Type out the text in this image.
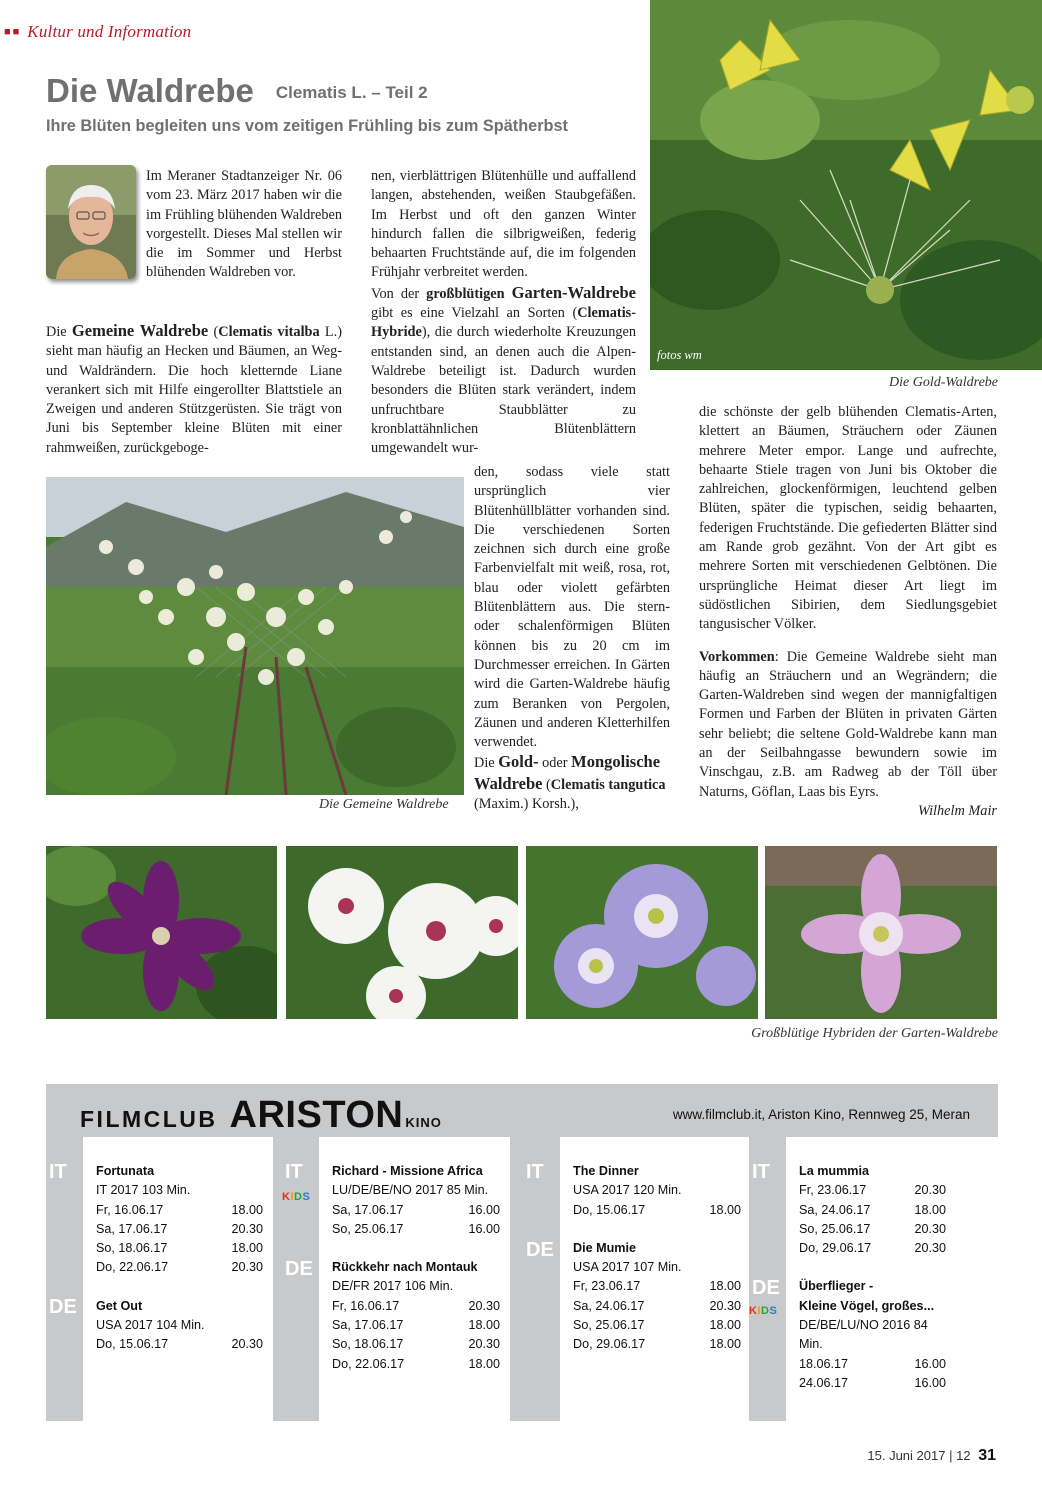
■■ Kultur und Information
Die Waldrebe $^{Clematis L. - Teil 2}$
Ihre Blüten begleiten uns vom zeitigen Frühling bis zum Spätherbst

Im Meraner Stadtanzeiger Nr. 06 vom 23. März 2017 haben wir die im Frühling blühenden Waldreben vorgestellt. Dieses Mal stellen wir die im Sommer und Herbst blühenden Waldreben vor.

Die Gemeine Waldrebe (Clematis vitalba L.) sieht man häufig an Hecken und Bäumen, an Weg- und Waldrändern. Die hoch kletternde Liane verankert sich mit Hilfe eingerollter Blattstiele an Zweigen und anderen Stützgerüsten. Sie trägt von Juni bis September kleine Blüten mit einer rahmweißen, zurückgeboge-

nen, vierblättrigen Blütenhülle und auffallend langen, abstehenden, weißen Staubgefäßen. Im Herbst und oft den ganzen Winter hindurch fallen die silbrigweißen, federig behaarten Fruchtstände auf, die im folgenden Frühjahr verbreitet werden.

Von der großblütigen Garten-Waldrebe gibt es eine Vielzahl an Sorten (Clematis-Hybride), die durch wiederholte Kreuzungen entstanden sind, an denen auch die Alpen-Waldrebe beteiligt ist. Dadurch wurden besonders die Blüten stark verändert, indem unfruchtbare Staubblätter zu kronblattähnlichen Blütenblättern umgewandelt wur-

den, sodass viele statt ursprünglich vier Blütenhüllblätter vorhanden sind. Die verschiedenen Sorten zeichnen sich durch eine große Farbenvielfalt mit weiß, rosa, rot, blau oder violett gefärbten Blütenblättern aus. Die stern- oder schalenförmigen Blüten können bis zu 20 cm im Durchmesser erreichen. In Gärten wird die Garten-Waldrebe häufig zum Beranken von Pergolen, Zäunen und anderen Kletterhilfen verwendet.

Die Gold- oder Mongolische Waldrebe (Clematis tangutica (Maxim.) Korsh.),

fotos wm
Die Gold-Waldrebe

die schönste der gelb blühenden Clematis-Arten, klettert an Bäumen, Sträuchern oder Zäunen mehrere Meter empor. Lange und aufrechte, behaarte Stiele tragen von Juni bis Oktober die zahlreichen, glockenförmigen, leuchtend gelben Blüten, später die typischen, seidig behaarten, federigen Fruchtstände. Die gefiederten Blätter sind am Rande grob gezähnt. Von der Art gibt es mehrere Sorten mit verschiedenen Gelbtönen. Die ursprüngliche Heimat dieser Art liegt im südöstlichen Sibirien, dem Siedlungsgebiet tangusischer Völker.

Vorkommen: Die Gemeine Waldrebe sieht man häufig an Sträuchern und an Wegrändern; die Garten-Waldreben sind wegen der mannigfaltigen Formen und Farben der Blüten in privaten Gärten sehr beliebt; die seltene Gold-Waldrebe kann man an der Seilbahngasse bewundern sowie im Vinschgau, z.B. am Radweg ab der Töll über Naturns, Göflan, Laas bis Eyrs.

Wilhelm Mair

Die Gemeine Waldrebe
Großblütige Hybriden der Garten-Waldrebe
FILMCLUB ARISTON KINO
www.filmclub.it, Ariston Kino, Rennweg 25, Meran
IT
DE
Fortunata
IT 2017 103 Min.
Fr, 16.06.17	18.00
Sa, 17.06.17	20.30
So, 18.06.17	18.00
Do, 22.06.17	20.30
Get Out
USA 2017 104 Min.
Do, 15.06.17	20.30
IT
KIDS
DE
Richard - Missione Africa
LU/DE/BE/NO 2017 85 Min.
Sa, 17.06.17	16.00
So, 25.06.17	16.00
Rückkehr nach Montauk
DE/FR 2017 106 Min.
Fr, 16.06.17	20.30
Sa, 17.06.17	18.00
So, 18.06.17	20.30
Do, 22.06.17	18.00
IT
DE
The Dinner
USA 2017 120 Min.
Do, 15.06.17	18.00
Die Mumie
USA 2017 107 Min.
Fr, 23.06.17	18.00
Sa, 24.06.17	20.30
So, 25.06.17	18.00
Do, 29.06.17	18.00
IT
DE
KIDS
La mummia
Fr, 23.06.17	20.30
Sa, 24.06.17	18.00
So, 25.06.17	20.30
Do, 29.06.17	20.30
Überflieger -
Kleine Vögel, großes...
DE/BE/LU/NO 2016 84 Min.
18.06.17	16.00
24.06.17	16.00
15. Juni 2017 | 12 31
